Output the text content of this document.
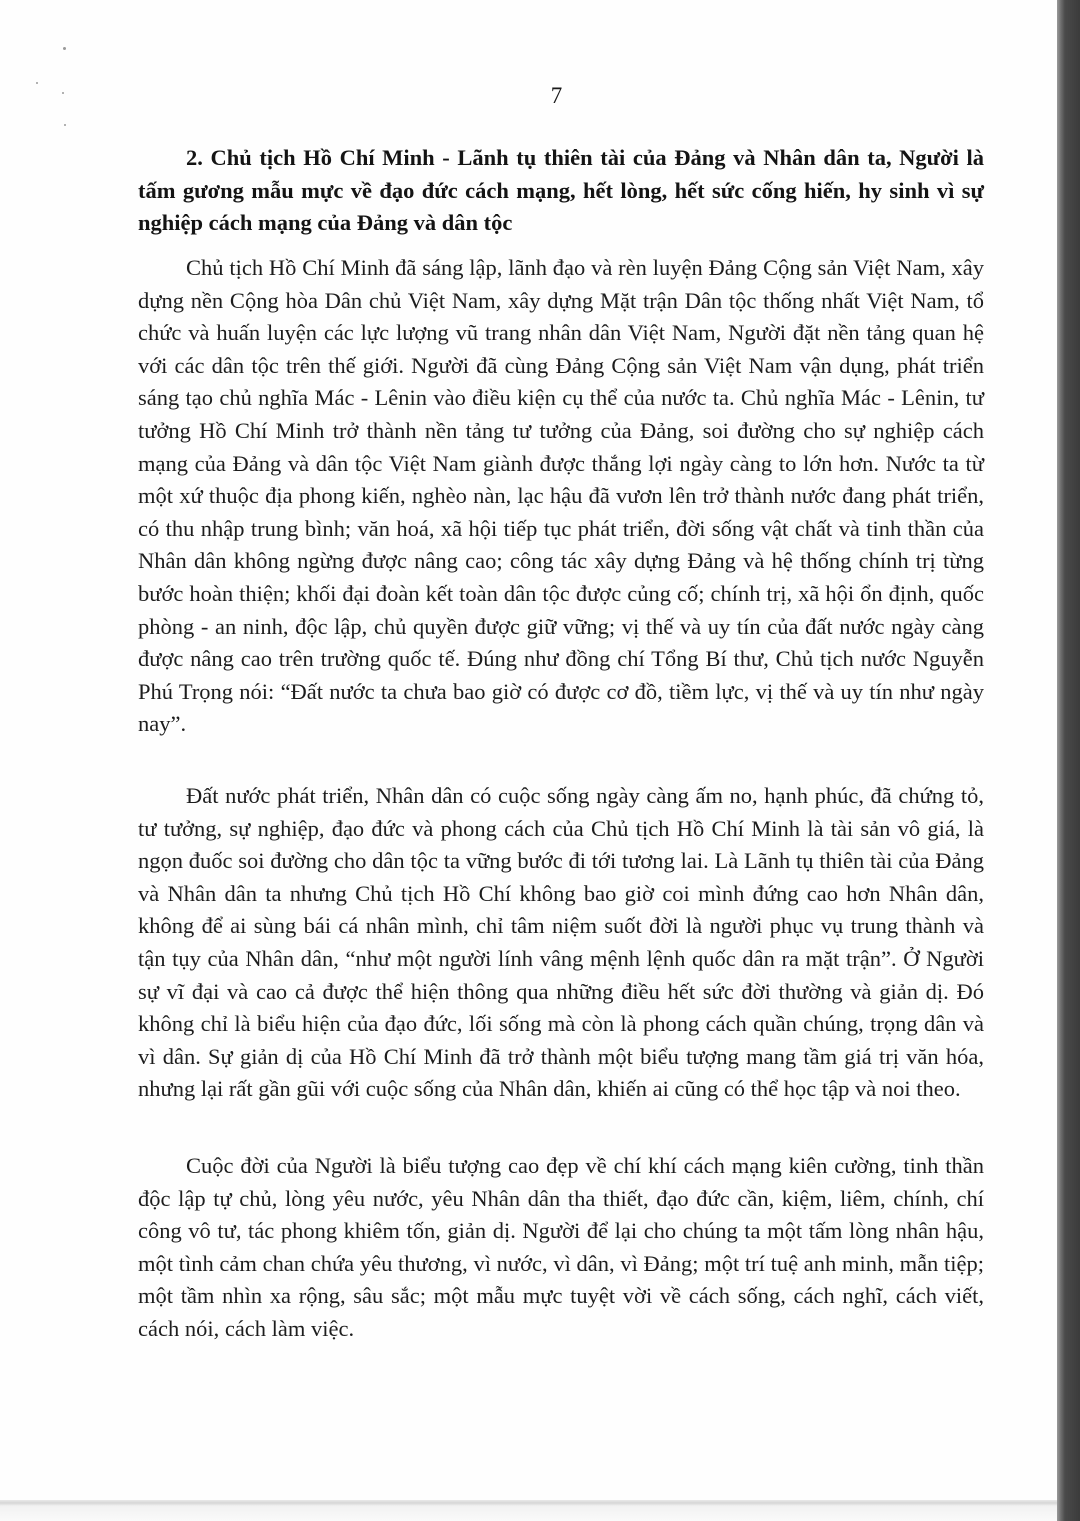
7
2. Chủ tịch Hồ Chí Minh - Lãnh tụ thiên tài của Đảng và Nhân dân ta, Người là tấm gương mẫu mực về đạo đức cách mạng, hết lòng, hết sức cống hiến, hy sinh vì sự nghiệp cách mạng của Đảng và dân tộc

Chủ tịch Hồ Chí Minh đã sáng lập, lãnh đạo và rèn luyện Đảng Cộng sản Việt Nam, xây dựng nền Cộng hòa Dân chủ Việt Nam, xây dựng Mặt trận Dân tộc thống nhất Việt Nam, tổ chức và huấn luyện các lực lượng vũ trang nhân dân Việt Nam, Người đặt nền tảng quan hệ với các dân tộc trên thế giới. Người đã cùng Đảng Cộng sản Việt Nam vận dụng, phát triển sáng tạo chủ nghĩa Mác - Lênin vào điều kiện cụ thể của nước ta. Chủ nghĩa Mác - Lênin, tư tưởng Hồ Chí Minh trở thành nền tảng tư tưởng của Đảng, soi đường cho sự nghiệp cách mạng của Đảng và dân tộc Việt Nam giành được thắng lợi ngày càng to lớn hơn. Nước ta từ một xứ thuộc địa phong kiến, nghèo nàn, lạc hậu đã vươn lên trở thành nước đang phát triển, có thu nhập trung bình; văn hoá, xã hội tiếp tục phát triển, đời sống vật chất và tinh thần của Nhân dân không ngừng được nâng cao; công tác xây dựng Đảng và hệ thống chính trị từng bước hoàn thiện; khối đại đoàn kết toàn dân tộc được củng cố; chính trị, xã hội ổn định, quốc phòng - an ninh, độc lập, chủ quyền được giữ vững; vị thế và uy tín của đất nước ngày càng được nâng cao trên trường quốc tế. Đúng như đồng chí Tổng Bí thư, Chủ tịch nước Nguyễn Phú Trọng nói: “Đất nước ta chưa bao giờ có được cơ đồ, tiềm lực, vị thế và uy tín như ngày nay”.

Đất nước phát triển, Nhân dân có cuộc sống ngày càng ấm no, hạnh phúc, đã chứng tỏ, tư tưởng, sự nghiệp, đạo đức và phong cách của Chủ tịch Hồ Chí Minh là tài sản vô giá, là ngọn đuốc soi đường cho dân tộc ta vững bước đi tới tương lai. Là Lãnh tụ thiên tài của Đảng và Nhân dân ta nhưng Chủ tịch Hồ Chí không bao giờ coi mình đứng cao hơn Nhân dân, không để ai sùng bái cá nhân mình, chỉ tâm niệm suốt đời là người phục vụ trung thành và tận tụy của Nhân dân, “như một người lính vâng mệnh lệnh quốc dân ra mặt trận”. Ở Người sự vĩ đại và cao cả được thể hiện thông qua những điều hết sức đời thường và giản dị. Đó không chỉ là biểu hiện của đạo đức, lối sống mà còn là phong cách quần chúng, trọng dân và vì dân. Sự giản dị của Hồ Chí Minh đã trở thành một biểu tượng mang tầm giá trị văn hóa, nhưng lại rất gần gũi với cuộc sống của Nhân dân, khiến ai cũng có thể học tập và noi theo.

Cuộc đời của Người là biểu tượng cao đẹp về chí khí cách mạng kiên cường, tinh thần độc lập tự chủ, lòng yêu nước, yêu Nhân dân tha thiết, đạo đức cần, kiệm, liêm, chính, chí công vô tư, tác phong khiêm tốn, giản dị. Người để lại cho chúng ta một tấm lòng nhân hậu, một tình cảm chan chứa yêu thương, vì nước, vì dân, vì Đảng; một trí tuệ anh minh, mẫn tiệp; một tầm nhìn xa rộng, sâu sắc; một mẫu mực tuyệt vời về cách sống, cách nghĩ, cách viết, cách nói, cách làm việc.
